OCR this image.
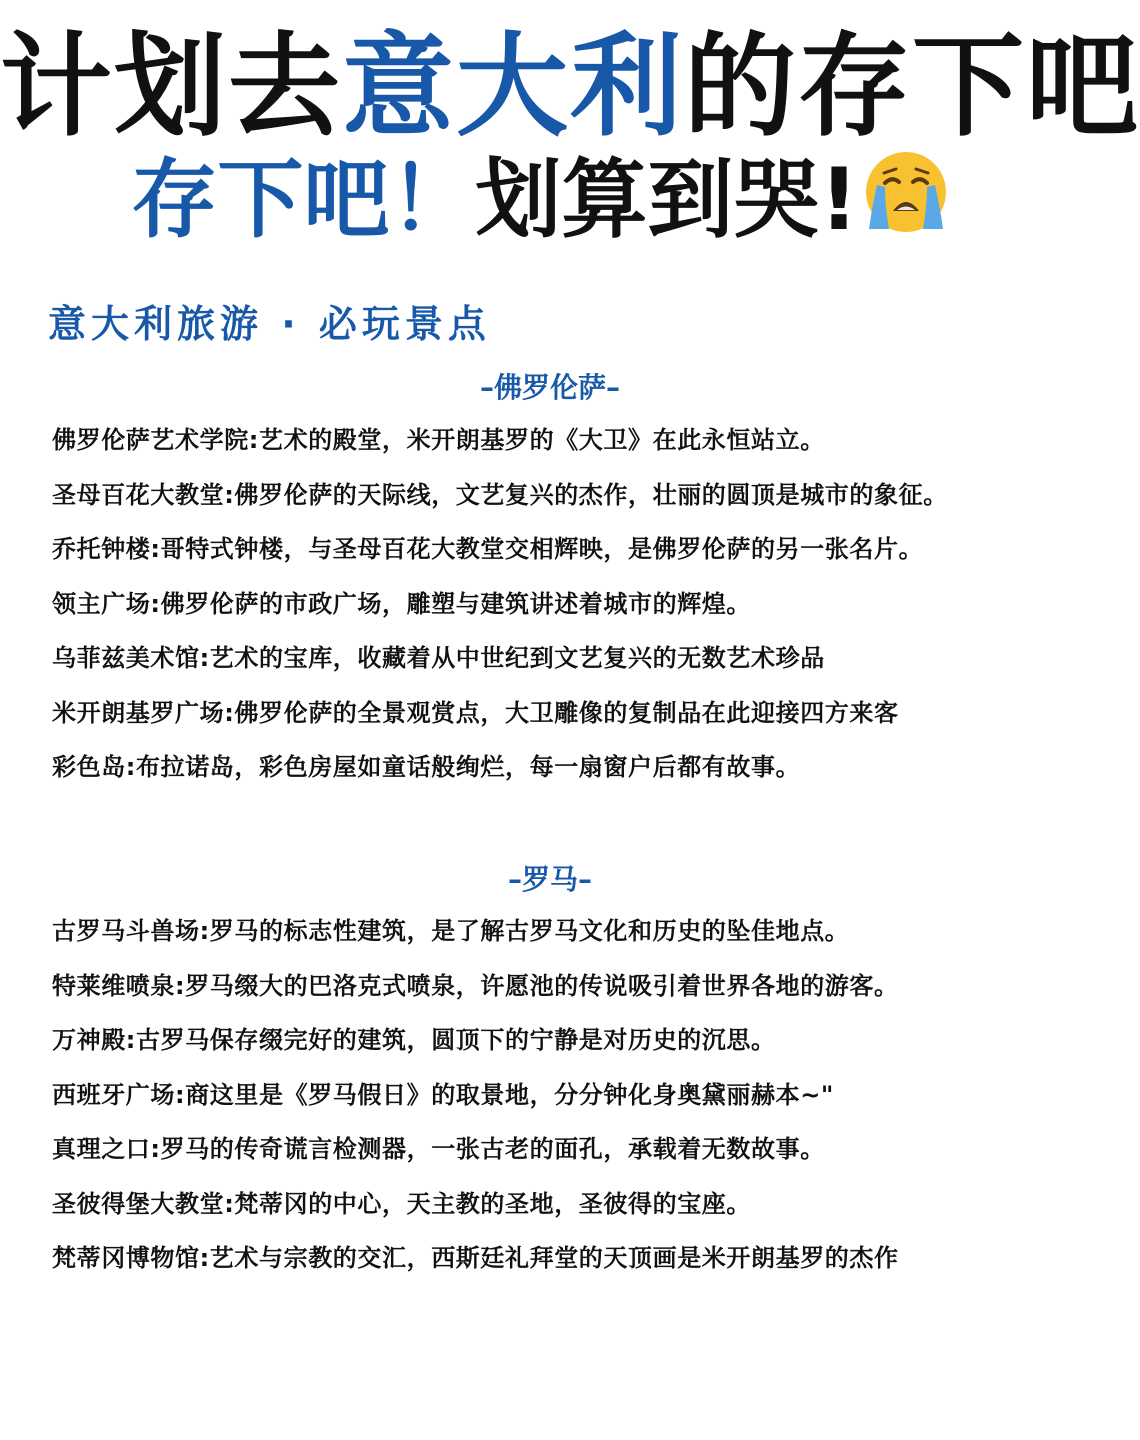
计划去意大利的存下吧
存下吧！划算到哭!
意大利旅游 · 必玩景点
–佛罗伦萨–
佛罗伦萨艺术学院:艺术的殿堂，米开朗基罗的《大卫》在此永恒站立。
圣母百花大教堂:佛罗伦萨的天际线，文艺复兴的杰作，壮丽的圆顶是城市的象征。
乔托钟楼:哥特式钟楼，与圣母百花大教堂交相辉映，是佛罗伦萨的另一张名片。
领主广场:佛罗伦萨的市政广场，雕塑与建筑讲述着城市的辉煌。
乌菲兹美术馆:艺术的宝库，收藏着从中世纪到文艺复兴的无数艺术珍品
米开朗基罗广场:佛罗伦萨的全景观赏点，大卫雕像的复制品在此迎接四方来客
彩色岛:布拉诺岛，彩色房屋如童话般绚烂，每一扇窗户后都有故事。
–罗马–
古罗马斗兽场:罗马的标志性建筑，是了解古罗马文化和历史的坠佳地点。
特莱维喷泉:罗马缀大的巴洛克式喷泉，许愿池的传说吸引着世界各地的游客。
万神殿:古罗马保存缀完好的建筑，圆顶下的宁静是对历史的沉思。
西班牙广场:商这里是《罗马假日》的取景地，分分钟化身奥黛丽赫本~"
真理之口:罗马的传奇谎言检测器，一张古老的面孔，承载着无数故事。
圣彼得堡大教堂:梵蒂冈的中心，天主教的圣地，圣彼得的宝座。
梵蒂冈博物馆:艺术与宗教的交汇，西斯廷礼拜堂的天顶画是米开朗基罗的杰作
